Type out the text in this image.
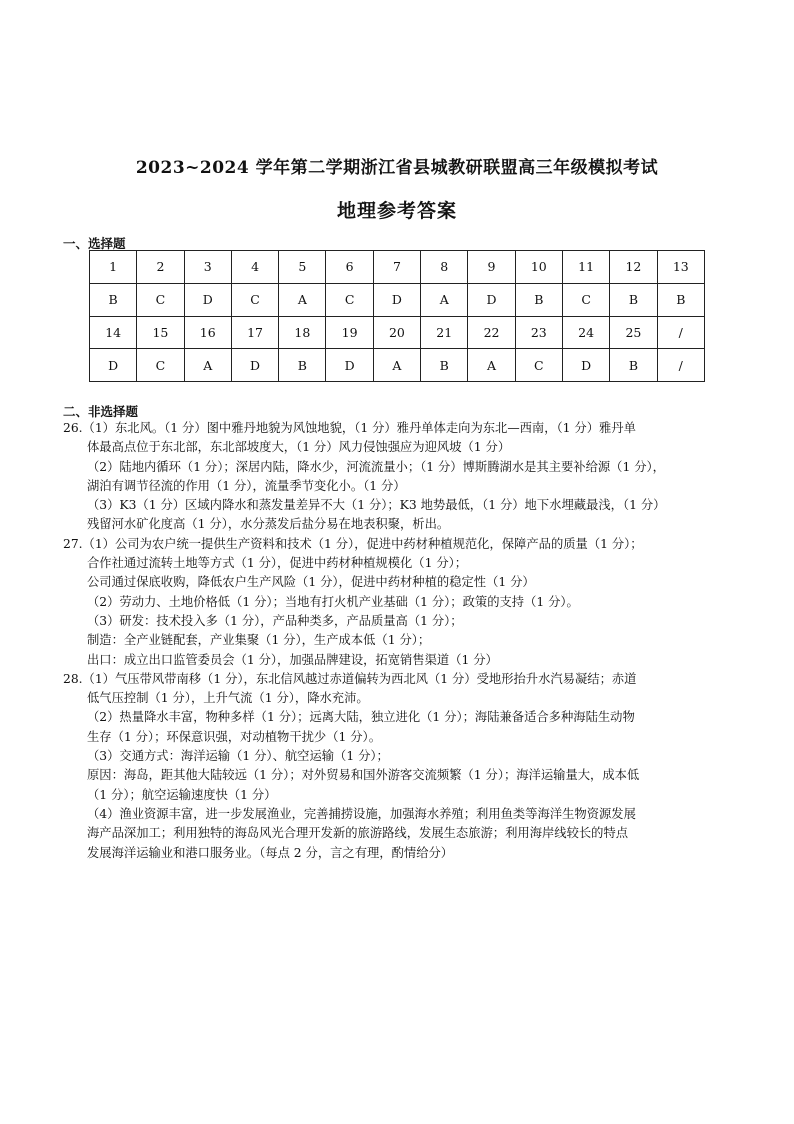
2023~2024 学年第二学期浙江省县城教研联盟高三年级模拟考试
地理参考答案
一、选择题
1	2	3	4	5	6	7	8	9	10	11	12	13
B	C	D	C	A	C	D	A	D	B	C	B	B
14	15	16	17	18	19	20	21	22	23	24	25	/
D	C	A	D	B	D	A	B	A	C	D	B	/
二、非选择题
26.（1）东北风。（1 分）图中雅丹地貌为风蚀地貌，（1 分）雅丹单体走向为东北—西南，（1 分）雅丹单
体最高点位于东北部，东北部坡度大，（1 分）风力侵蚀强应为迎风坡（1 分）
（2）陆地内循环（1 分）；深居内陆，降水少，河流流量小；（1 分）博斯腾湖水是其主要补给源（1 分），
湖泊有调节径流的作用（1 分），流量季节变化小。（1 分）
（3）K3（1 分）区域内降水和蒸发量差异不大（1 分）；K3 地势最低，（1 分）地下水埋藏最浅，（1 分）
残留河水矿化度高（1 分），水分蒸发后盐分易在地表积聚，析出。
27.（1）公司为农户统一提供生产资料和技术（1 分），促进中药材种植规范化，保障产品的质量（1 分）；
合作社通过流转土地等方式（1 分），促进中药材种植规模化（1 分）；
公司通过保底收购，降低农户生产风险（1 分），促进中药材种植的稳定性（1 分）
（2）劳动力、土地价格低（1 分）；当地有打火机产业基础（1 分）；政策的支持（1 分）。
（3）研发：技术投入多（1 分），产品种类多，产品质量高（1 分）；
制造：全产业链配套，产业集聚（1 分），生产成本低（1 分）；
出口：成立出口监管委员会（1 分），加强品牌建设，拓宽销售渠道（1 分）
28.（1）气压带风带南移（1 分），东北信风越过赤道偏转为西北风（1 分）受地形抬升水汽易凝结；赤道
低气压控制（1 分），上升气流（1 分），降水充沛。
（2）热量降水丰富，物种多样（1 分）；远离大陆，独立进化（1 分）；海陆兼备适合多种海陆生动物
生存（1 分）；环保意识强，对动植物干扰少（1 分）。
（3）交通方式：海洋运输（1 分）、航空运输（1 分）；
原因：海岛，距其他大陆较远（1 分）；对外贸易和国外游客交流频繁（1 分）；海洋运输量大，成本低
（1 分）；航空运输速度快（1 分）
（4）渔业资源丰富，进一步发展渔业，完善捕捞设施，加强海水养殖；利用鱼类等海洋生物资源发展
海产品深加工；利用独特的海岛风光合理开发新的旅游路线，发展生态旅游；利用海岸线较长的特点
发展海洋运输业和港口服务业。（每点 2 分，言之有理，酌情给分）
